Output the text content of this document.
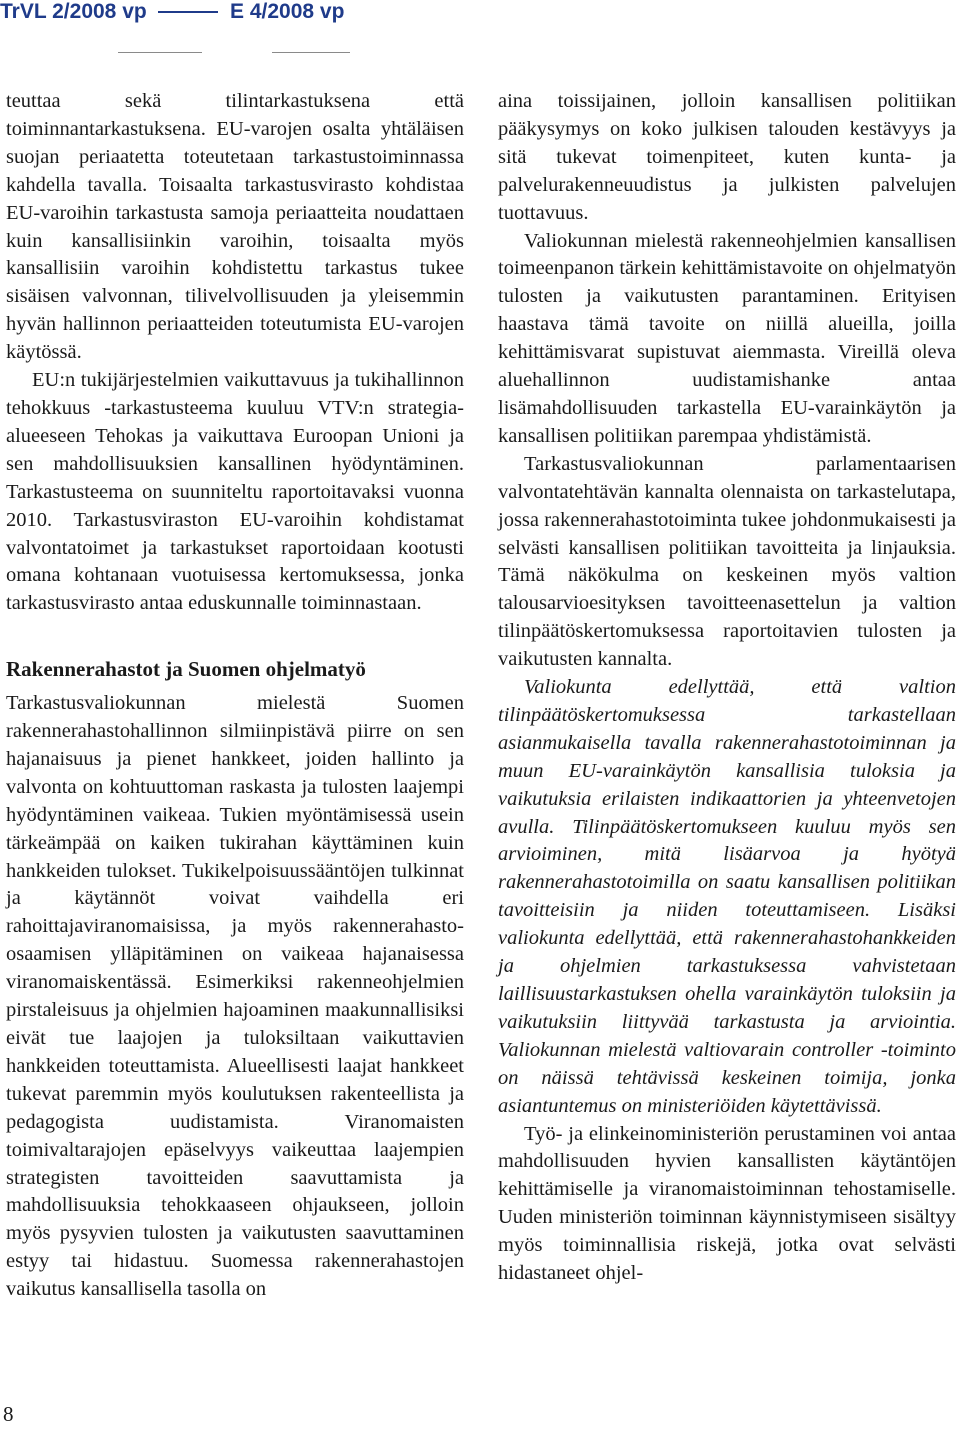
TrVL 2/2008 vp	E 4/2008 vp

teuttaa sekä tilintarkastuksena että toiminnantarkastuksena. EU-varojen osalta yhtäläisen suojan periaatetta toteutetaan tarkastustoiminnassa kahdella tavalla. Toisaalta tarkastusvirasto kohdistaa EU-varoihin tarkastusta samoja periaatteita noudattaen kuin kansallisiinkin varoihin, toisaalta myös kansallisiin varoihin kohdistettu tarkastus tukee sisäisen valvonnan, tilivelvollisuuden ja yleisemmin hyvän hallinnon periaatteiden toteutumista EU-varojen käytössä.

EU:n tukijärjestelmien vaikuttavuus ja tukihallinnon tehokkuus -tarkastusteema kuuluu VTV:n strategia-alueeseen Tehokas ja vaikuttava Euroopan Unioni ja sen mahdollisuuksien kansallinen hyödyntäminen. Tarkastusteema on suunniteltu raportoitavaksi vuonna 2010. Tarkastusviraston EU-varoihin kohdistamat valvontatoimet ja tarkastukset raportoidaan kootusti omana kohtanaan vuotuisessa kertomuksessa, jonka tarkastusvirasto antaa eduskunnalle toiminnastaan.

Rakennerahastot ja Suomen ohjelmatyö

Tarkastusvaliokunnan mielestä Suomen rakennerahastohallinnon silmiinpistävä piirre on sen hajanaisuus ja pienet hankkeet, joiden hallinto ja valvonta on kohtuuttoman raskasta ja tulosten laajempi hyödyntäminen vaikeaa. Tukien myöntämisessä usein tärkeämpää on kaiken tukirahan käyttäminen kuin hankkeiden tulokset. Tukikelpoisuussääntöjen tulkinnat ja käytännöt voivat vaihdella eri rahoittajaviranomaisissa, ja myös rakennerahasto-osaamisen ylläpitäminen on vaikeaa hajanaisessa viranomaiskentässä. Esimerkiksi rakenneohjelmien pirstaleisuus ja ohjelmien hajoaminen maakunnallisiksi eivät tue laajojen ja tuloksiltaan vaikuttavien hankkeiden toteuttamista. Alueellisesti laajat hankkeet tukevat paremmin myös koulutuksen rakenteellista ja pedagogista uudistamista. Viranomaisten toimivaltarajojen epäselvyys vaikeuttaa laajempien strategisten tavoitteiden saavuttamista ja mahdollisuuksia tehokkaaseen ohjaukseen, jolloin myös pysyvien tulosten ja vaikutusten saavuttaminen estyy tai hidastuu. Suomessa rakennerahastojen vaikutus kansallisella tasolla on

aina toissijainen, jolloin kansallisen politiikan pääkysymys on koko julkisen talouden kestävyys ja sitä tukevat toimenpiteet, kuten kunta- ja palvelurakenneuudistus ja julkisten palvelujen tuottavuus.

Valiokunnan mielestä rakenneohjelmien kansallisen toimeenpanon tärkein kehittämistavoite on ohjelmatyön tulosten ja vaikutusten parantaminen. Erityisen haastava tämä tavoite on niillä alueilla, joilla kehittämisvarat supistuvat aiemmasta. Vireillä oleva aluehallinnon uudistamishanke antaa lisämahdollisuuden tarkastella EU-varainkäytön ja kansallisen politiikan parempaa yhdistämistä.

Tarkastusvaliokunnan parlamentaarisen valvontatehtävän kannalta olennaista on tarkastelutapa, jossa rakennerahastotoiminta tukee johdonmukaisesti ja selvästi kansallisen politiikan tavoitteita ja linjauksia. Tämä näkökulma on keskeinen myös valtion talousarvioesityksen tavoitteenasettelun ja valtion tilinpäätöskertomuksessa raportoitavien tulosten ja vaikutusten kannalta.

Valiokunta edellyttää, että valtion tilinpäätöskertomuksessa tarkastellaan asianmukaisella tavalla rakennerahastotoiminnan ja muun EU-varainkäytön kansallisia tuloksia ja vaikutuksia erilaisten indikaattorien ja yhteenvetojen avulla. Tilinpäätöskertomukseen kuuluu myös sen arvioiminen, mitä lisäarvoa ja hyötyä rakennerahastotoimilla on saatu kansallisen politiikan tavoitteisiin ja niiden toteuttamiseen. Lisäksi valiokunta edellyttää, että rakennerahastohankkeiden ja ohjelmien tarkastuksessa vahvistetaan laillisuustarkastuksen ohella varainkäytön tuloksiin ja vaikutuksiin liittyvää tarkastusta ja arviointia. Valiokunnan mielestä valtiovarain controller -toiminto on näissä tehtävissä keskeinen toimija, jonka asiantuntemus on ministeriöiden käytettävissä.

Työ- ja elinkeinoministeriön perustaminen voi antaa mahdollisuuden hyvien kansallisten käytäntöjen kehittämiselle ja viranomaistoiminnan tehostamiselle. Uuden ministeriön toiminnan käynnistymiseen sisältyy myös toiminnallisia riskejä, jotka ovat selvästi hidastaneet ohjel-

8
